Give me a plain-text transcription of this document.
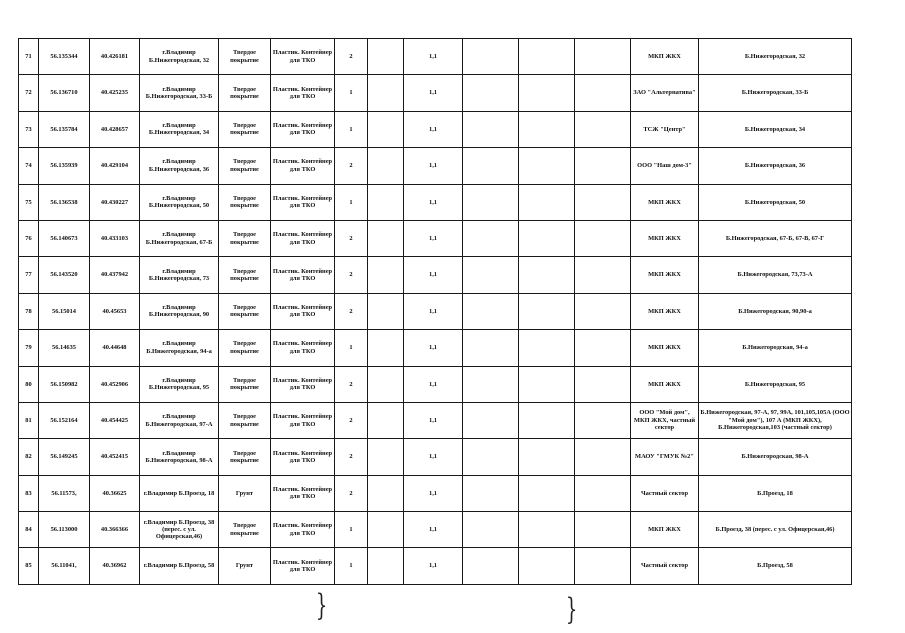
71	56.135344	40.426181	г.Владимир Б.Нижегородская, 32	Твердое покрытие	Пластик. Контейнер для ТКО	2		1,1				МКП ЖКХ	Б.Нижегородская, 32
72	56.136710	40.425235	г.Владимир Б.Нижегородская, 33-Б	Твердое покрытие	Пластик. Контейнер для ТКО	1		1,1				ЗАО "Альтернатива"	Б.Нижегородская, 33-Б
73	56.135784	40.428657	г.Владимир Б.Нижегородская, 34	Твердое покрытие	Пластик. Контейнер для ТКО	1		1,1				ТСЖ "Центр"	Б.Нижегородская, 34
74	56.135939	40.429104	г.Владимир Б.Нижегородская, 36	Твердое покрытие	Пластик. Контейнер для ТКО	2		1,1				ООО "Наш дом-3"	Б.Нижегородская, 36
75	56.136538	40.430227	г.Владимир Б.Нижегородская, 50	Твердое покрытие	Пластик. Контейнер для ТКО	1		1,1				МКП ЖКХ	Б.Нижегородская, 50
76	56.140673	40.433103	г.Владимир Б.Нижегородская, 67-Б	Твердое покрытие	Пластик. Контейнер для ТКО	2		1,1				МКП ЖКХ	Б.Нижегородская, 67-Б, 67-В, 67-Г
77	56.143520	40.437942	г.Владимир Б.Нижегородская, 73	Твердое покрытие	Пластик. Контейнер для ТКО	2		1,1				МКП ЖКХ	Б.Нижегородская, 73,73-А
78	56.15014	40.45653	г.Владимир Б.Нижегородская, 90	Твердое покрытие	Пластик. Контейнер для ТКО	2		1,1				МКП ЖКХ	Б.Нижегородская, 90,90-а
79	56.14635	40.44648	г.Владимир Б.Нижегородская, 94-а	Твердое покрытие	Пластик. Контейнер для ТКО	1		1,1				МКП ЖКХ	Б.Нижегородская, 94-а
80	56.150982	40.452906	г.Владимир Б.Нижегородская, 95	Твердое покрытие	Пластик. Контейнер для ТКО	2		1,1				МКП ЖКХ	Б.Нижегородская, 95
81	56.152164	40.454425	г.Владимир Б.Нижегородская, 97-А	Твердое покрытие	Пластик. Контейнер для ТКО	2		1,1				ООО "Мой дом", МКП ЖКХ, частный сектор	Б.Нижегородская, 97-А, 97, 99А, 101,105,105А (ООО "Мой дом"), 107 А (МКП ЖКХ), Б.Нижегородская,103 (частный сектор)
82	56.149245	40.452415	г.Владимир Б.Нижегородская, 98-А	Твердое покрытие	Пластик. Контейнер для ТКО	2		1,1				МАОУ "ГМУК №2"	Б.Нижегородская, 98-А
83	56.11573,	40.36625	г.Владимир Б.Проезд, 18	Грунт	Пластик. Контейнер для ТКО	2		1,1				Частный сектор	Б.Проезд, 18
84	56.113000	40.366366	г.Владимир Б.Проезд, 38 (перес. с ул. Офицерская,46)	Твердое покрытие	Пластик. Контейнер для ТКО	1		1,1				МКП ЖКХ	Б.Проезд, 38 (перес. с ул. Офицерская,46)
85	56.11041,	40.36962	г.Владимир Б.Проезд, 58	Грунт	Пластик. Контейнер для ТКО	1		1,1				Частный сектор	Б.Проезд, 58
}	}
